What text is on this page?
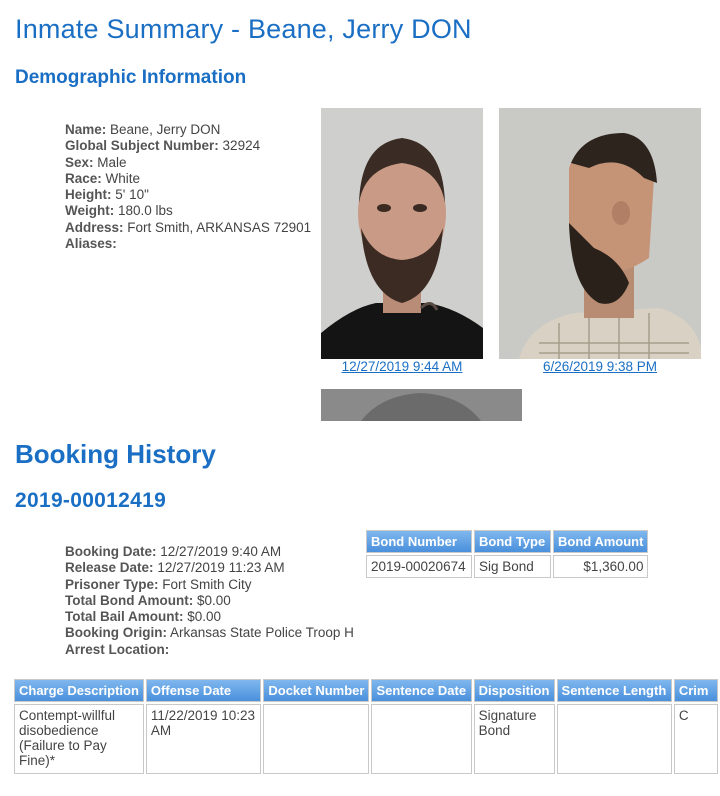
Inmate Summary - Beane, Jerry DON
Demographic Information
Name: Beane, Jerry DON
Global Subject Number: 32924
Sex: Male
Race: White
Height: 5' 10"
Weight: 180.0 lbs
Address: Fort Smith, ARKANSAS 72901
Aliases:
12/27/2019 9:44 AM	6/26/2019 9:38 PM
Booking History
2019-00012419
Booking Date: 12/27/2019 9:40 AM
Release Date: 12/27/2019 11:23 AM
Prisoner Type: Fort Smith City
Total Bond Amount: $0.00
Total Bail Amount: $0.00
Booking Origin: Arkansas State Police Troop H
Arrest Location:
Bond Number	Bond Type	Bond Amount
2019-00020674	Sig Bond	$1,360.00
Charge Description	Offense Date	Docket Number	Sentence Date	Disposition	Sentence Length	Crim
Contempt-willful disobedience (Failure to Pay Fine)*	11/22/2019 10:23 AM			Signature Bond		C
